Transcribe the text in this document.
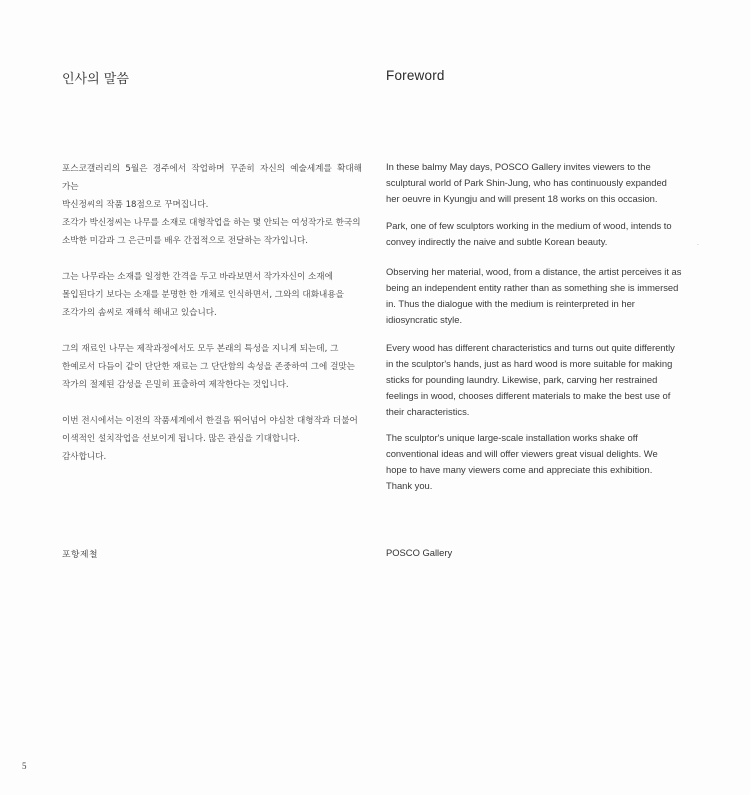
인사의 말씀

포스코갤러리의 5월은 경주에서 작업하며 꾸준히 자신의 예술세계를 확대해 가는
박신정씨의 작품 18점으로 꾸며집니다.

조각가 박신정씨는 나무를 소재로 대형작업을 하는 몇 안되는 여성작가로 한국의
소박한 미감과 그 은근미를 배우 간접적으로 전달하는 작가입니다.

그는 나무라는 소재를 일정한 간격을 두고 바라보면서 작가자신이 소재에
몰입된다기 보다는 소재를 분명한 한 개체로 인식하면서, 그와의 대화내용을
조각가의 솜씨로 재해석 해내고 있습니다.

그의 재료인 나무는 제작과정에서도 모두 본래의 특성을 지니게 되는데, 그
한예로서 다듬이 같이 단단한 재료는 그 단단함의 속성을 존중하여 그에 걸맞는
작가의 절제된 감성을 은밀히 표출하여 제작한다는 것입니다.

이번 전시에서는 이전의 작품세계에서 한걸음 뛰어넘어 야심찬 대형작과 더불어
이색적인 설치작업을 선보이게 됩니다. 많은 관심을 기대합니다.
감사합니다.

포항제철

Foreword

In these balmy May days, POSCO Gallery invites viewers to the
sculptural world of Park Shin-Jung, who has continuously expanded
her oeuvre in Kyungju and will present 18 works on this occasion.

Park, one of few sculptors working in the medium of wood, intends to
convey indirectly the naive and subtle Korean beauty.

Observing her material, wood, from a distance, the artist perceives it as
being an independent entity rather than as something she is immersed
in. Thus the dialogue with the medium is reinterpreted in her
idiosyncratic style.

Every wood has different characteristics and turns out quite differently
in the sculptor's hands, just as hard wood is more suitable for making
sticks for pounding laundry. Likewise, park, carving her restrained
feelings in wood, chooses different materials to make the best use of
their characteristics.

The sculptor's unique large-scale installation works shake off
conventional ideas and will offer viewers great visual delights. We
hope to have many viewers come and appreciate this exhibition.
Thank you.

POSCO Gallery

.
5
